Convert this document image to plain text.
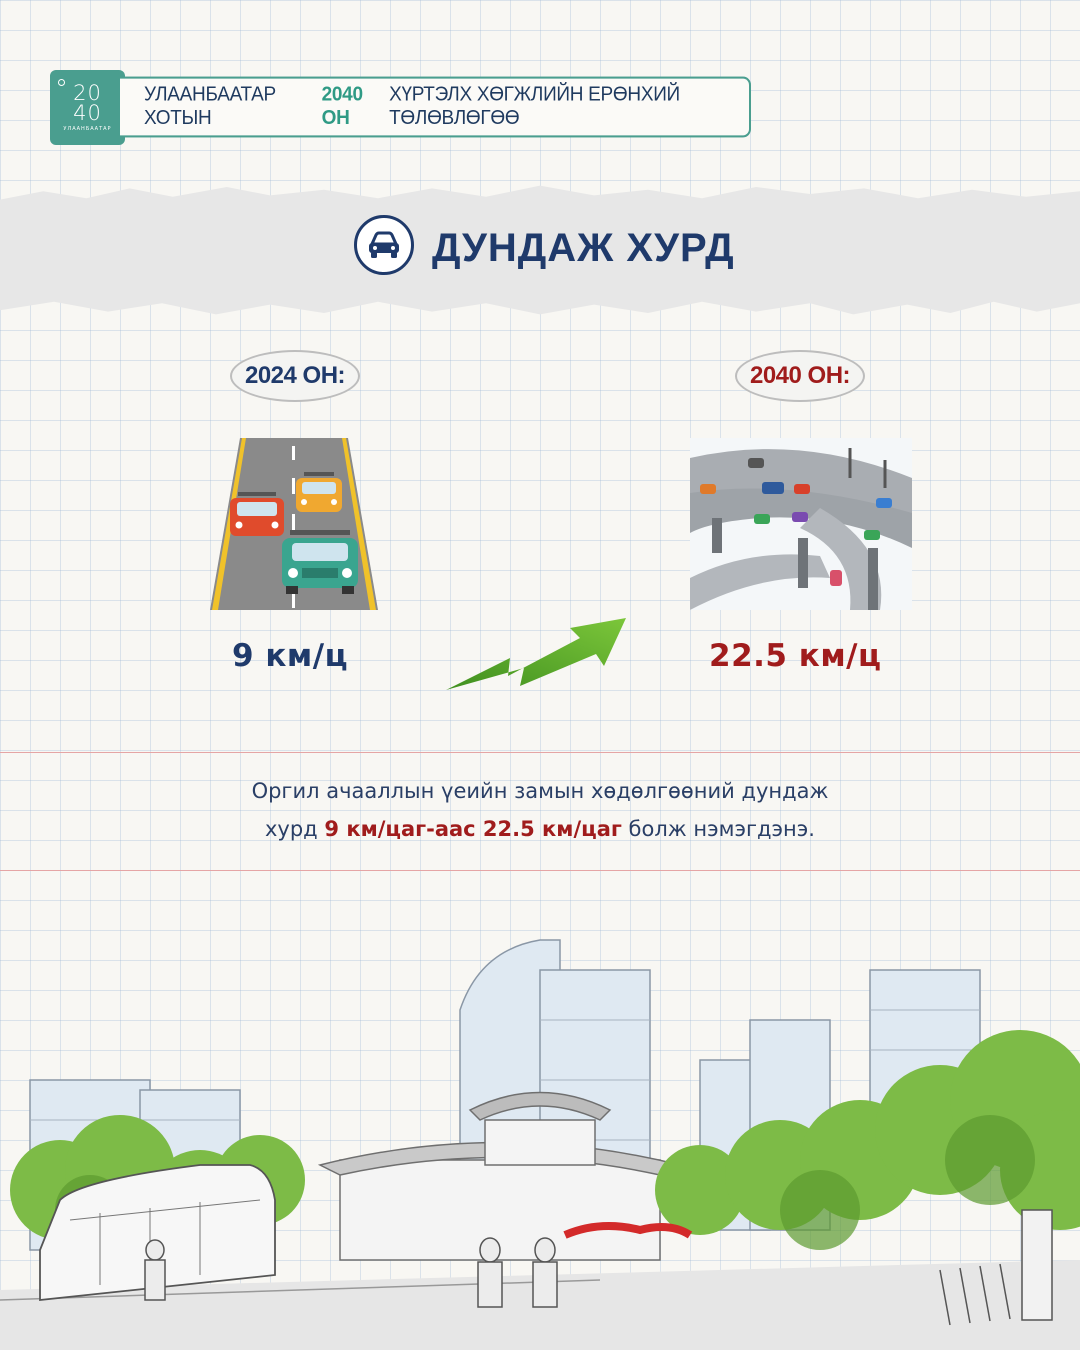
20
40
УЛААНБААТАР
УЛААНБААТАР ХОТЫН

2040 ОН

ХҮРТЭЛХ ХӨГЖЛИЙН ЕРӨНХИЙ ТӨЛӨВЛӨГӨӨ
ДУНДАЖ ХУРД
2024 ОН:	2040 ОН:
9 км/ц	22.5 км/ц
Оргил ачааллын үеийн замын хөдөлгөөний дундаж
хурд 9 км/цаг-аас 22.5 км/цаг болж нэмэгдэнэ.
